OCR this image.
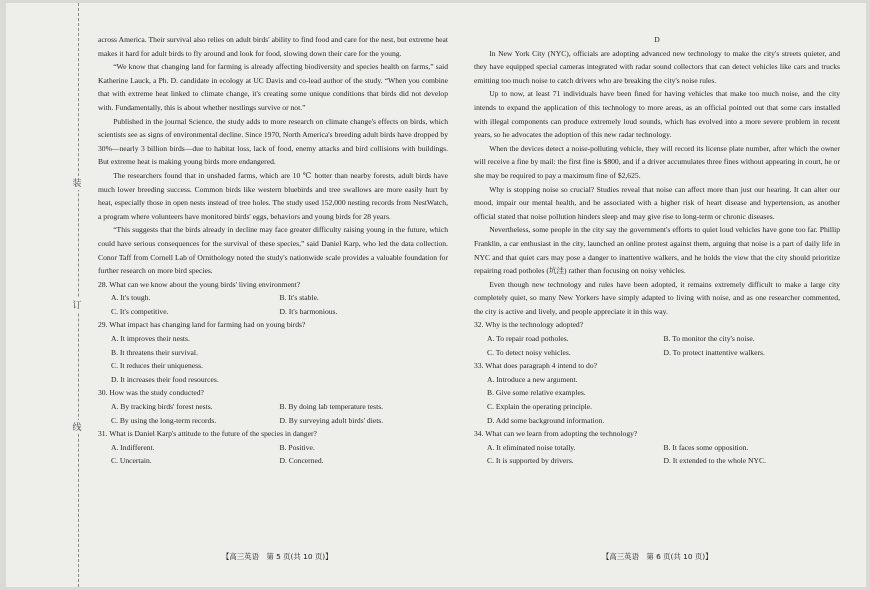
装
订
线

across America. Their survival also relies on adult birds' ability to find food and care for the nest, but extreme heat makes it hard for adult birds to fly around and look for food, slowing down their care for the young.

“We know that changing land for farming is already affecting biodiversity and species health on farms,” said Katherine Lauck, a Ph. D. candidate in ecology at UC Davis and co-lead author of the study. “When you combine that with extreme heat linked to climate change, it's creating some unique conditions that birds did not develop with. Fundamentally, this is about whether nestlings survive or not.”

Published in the journal Science, the study adds to more research on climate change's effects on birds, which scientists see as signs of environmental decline. Since 1970, North America's breeding adult birds have dropped by 30%—nearly 3 billion birds—due to habitat loss, lack of food, enemy attacks and bird collisions with buildings. But extreme heat is making young birds more endangered.

The researchers found that in unshaded farms, which are 10 ℃ hotter than nearby forests, adult birds have much lower breeding success. Common birds like western bluebirds and tree swallows are more easily hurt by heat, especially those in open nests instead of tree holes. The study used 152,000 nesting records from NestWatch, a program where volunteers have monitored birds' eggs, behaviors and young birds for 28 years.

“This suggests that the birds already in decline may face greater difficulty raising young in the future, which could have serious consequences for the survival of these species,” said Daniel Karp, who led the data collection. Conor Taff from Cornell Lab of Ornithology noted the study's nationwide scale provides a valuable foundation for further research on more bird species.

28. What can we know about the young birds' living environment?

A. It's tough.	B. It's stable.
C. It's competitive.	D. It's harmonious.

29. What impact has changing land for farming had on young birds?

A. It improves their nests.
B. It threatens their survival.
C. It reduces their uniqueness.
D. It increases their food resources.

30. How was the study conducted?

A. By tracking birds' forest nests.	B. By doing lab temperature tests.
C. By using the long-term records.	D. By surveying adult birds' diets.

31. What is Daniel Karp's attitude to the future of the species in danger?

A. Indifferent.	B. Positive.
C. Uncertain.	D. Concerned.

D

In New York City (NYC), officials are adopting advanced new technology to make the city's streets quieter, and they have equipped special cameras integrated with radar sound collectors that can detect vehicles like cars and trucks emitting too much noise to catch drivers who are breaking the city's noise rules.

Up to now, at least 71 individuals have been fined for having vehicles that make too much noise, and the city intends to expand the application of this technology to more areas, as an official pointed out that some cars installed with illegal components can produce extremely loud sounds, which has evolved into a more severe problem in recent years, so he advocates the adoption of this new radar technology.

When the devices detect a noise-polluting vehicle, they will record its license plate number, after which the owner will receive a fine by mail: the first fine is $800, and if a driver accumulates three fines without appearing in court, he or she may be required to pay a maximum fine of $2,625.

Why is stopping noise so crucial? Studies reveal that noise can affect more than just our hearing. It can alter our mood, impair our mental health, and be associated with a higher risk of heart disease and hypertension, as another official stated that noise pollution hinders sleep and may give rise to long-term or chronic diseases.

Nevertheless, some people in the city say the government's efforts to quiet loud vehicles have gone too far. Phillip Franklin, a car enthusiast in the city, launched an online protest against them, arguing that noise is a part of daily life in NYC and that quiet cars may pose a danger to inattentive walkers, and he holds the view that the city should prioritize repairing road potholes (坑洼) rather than focusing on noisy vehicles.

Even though new technology and rules have been adopted, it remains extremely difficult to make a large city completely quiet, so many New Yorkers have simply adapted to living with noise, and as one researcher commented, the city is active and lively, and people appreciate it in this way.

32. Why is the technology adopted?

A. To repair road potholes.	B. To monitor the city's noise.
C. To detect noisy vehicles.	D. To protect inattentive walkers.

33. What does paragraph 4 intend to do?

A. Introduce a new argument.
B. Give some relative examples.
C. Explain the operating principle.
D. Add some background information.

34. What can we learn from adopting the technology?

A. It eliminated noise totally.	B. It faces some opposition.
C. It is supported by drivers.	D. It extended to the whole NYC.
【高三英语　第 5 页(共 10 页)】	【高三英语　第 6 页(共 10 页)】
